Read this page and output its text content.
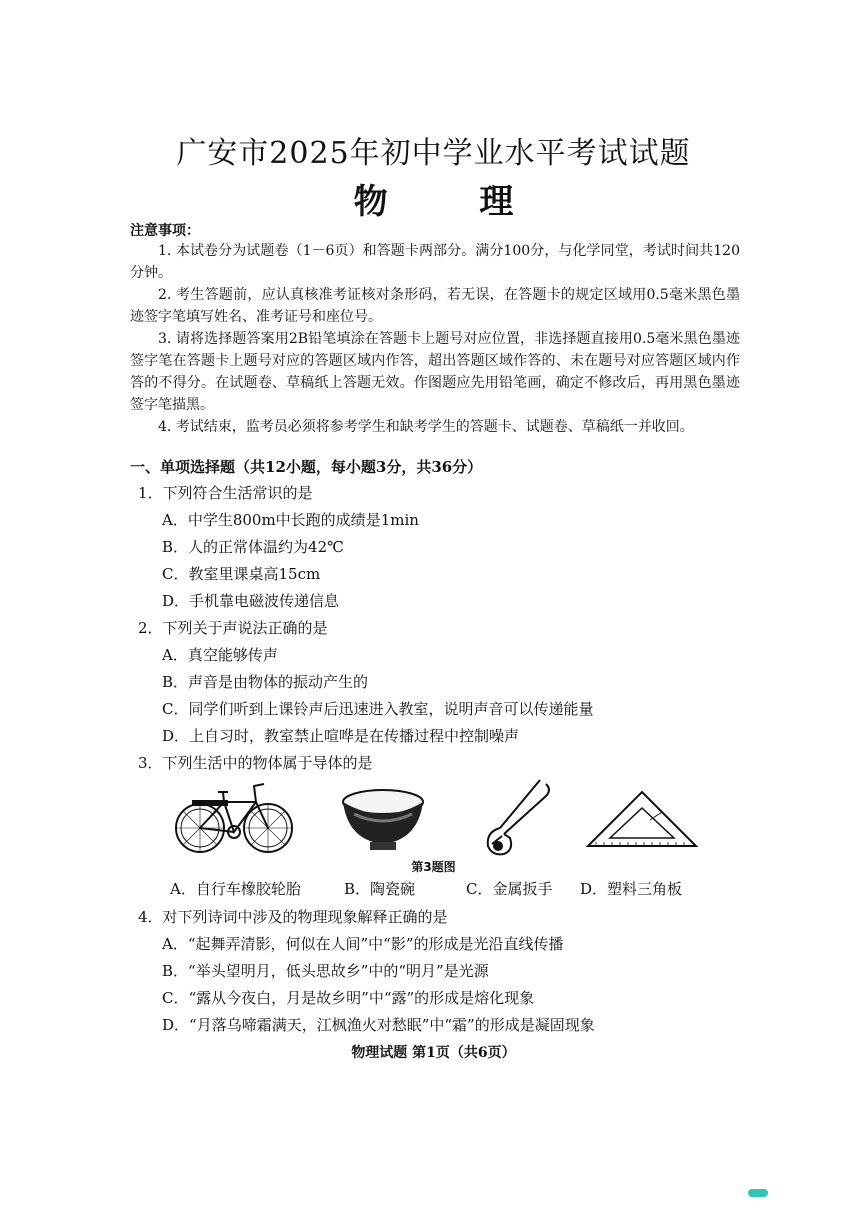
广安市2025年初中学业水平考试试题
物 理
注意事项：

1. 本试卷分为试题卷（1－6页）和答题卡两部分。满分100分，与化学同堂，考试时间共120分钟。

2. 考生答题前，应认真核准考证核对条形码，若无误，在答题卡的规定区域用0.5毫米黑色墨迹签字笔填写姓名、准考证号和座位号。

3. 请将选择题答案用2B铅笔填涂在答题卡上题号对应位置，非选择题直接用0.5毫米黑色墨迹签字笔在答题卡上题号对应的答题区域内作答，超出答题区域作答的、未在题号对应答题区域内作答的不得分。在试题卷、草稿纸上答题无效。作图题应先用铅笔画，确定不修改后，再用黑色墨迹签字笔描黑。

4. 考试结束，监考员必须将参考学生和缺考学生的答题卡、试题卷、草稿纸一并收回。

一、单项选择题（共12小题，每小题3分，共36分）
1．下列符合生活常识的是
A．中学生800m中长跑的成绩是1min
B．人的正常体温约为42℃
C．教室里课桌高15cm
D．手机靠电磁波传递信息
2．下列关于声说法正确的是
A．真空能够传声
B．声音是由物体的振动产生的
C．同学们听到上课铃声后迅速进入教室，说明声音可以传递能量
D．上自习时，教室禁止喧哗是在传播过程中控制噪声
3．下列生活中的物体属于导体的是
第3题图
A．自行车橡胶轮胎	B．陶瓷碗	C．金属扳手 D．塑料三角板
4．对下列诗词中涉及的物理现象解释正确的是
A．“起舞弄清影，何似在人间”中“影”的形成是光沿直线传播
B．“举头望明月，低头思故乡”中的“明月”是光源
C．“露从今夜白，月是故乡明”中“露”的形成是熔化现象
D．“月落乌啼霜满天，江枫渔火对愁眠”中“霜”的形成是凝固现象
物理试题 第1页（共6页）
